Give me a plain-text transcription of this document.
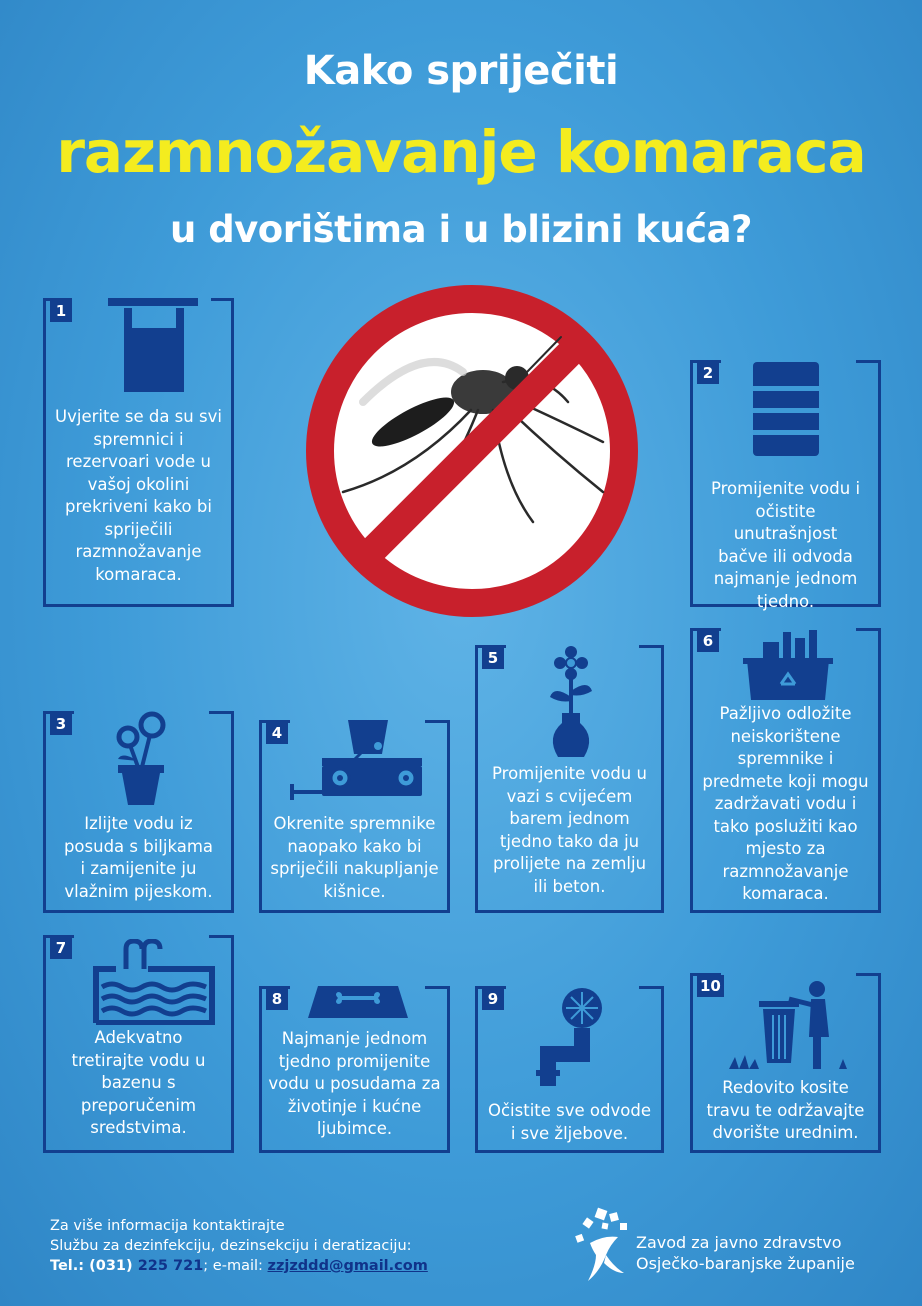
Kako spriječiti
razmnožavanje komaraca
u dvorištima i u blizini kuća?
1
Uvjerite se da su svi spremnici i rezervoari vode u vašoj okolini prekriveni kako bi spriječili razmnožavanje komaraca.
2
Promijenite vodu i očistite unutrašnjost bačve ili odvoda najmanje jednom tjedno.
3
Izlijte vodu iz posuda s biljkama i zamijenite ju vlažnim pijeskom.
4
Okrenite spremnike naopako kako bi spriječili nakupljanje kišnice.
5
Promijenite vodu u vazi s cvijećem barem jednom tjedno tako da ju prolijete na zemlju ili beton.
6
Pažljivo odložite neiskorištene spremnike i predmete koji mogu zadržavati vodu i tako poslužiti kao mjesto za razmnožavanje komaraca.
7
Adekvatno tretirajte vodu u bazenu s preporučenim sredstvima.
8
Najmanje jednom tjedno promijenite vodu u posudama za životinje i kućne ljubimce.
9
Očistite sve odvode i sve žljebove.
10
Redovito kosite travu te održavajte dvorište urednim.
Za više informacija kontaktirajte
Službu za dezinfekciju, dezinsekciju i deratizaciju:
Tel.: (031) 225 721; e-mail: zzjzddd@gmail.com
Zavod za javno zdravstvo
Osječko-baranjske županije
